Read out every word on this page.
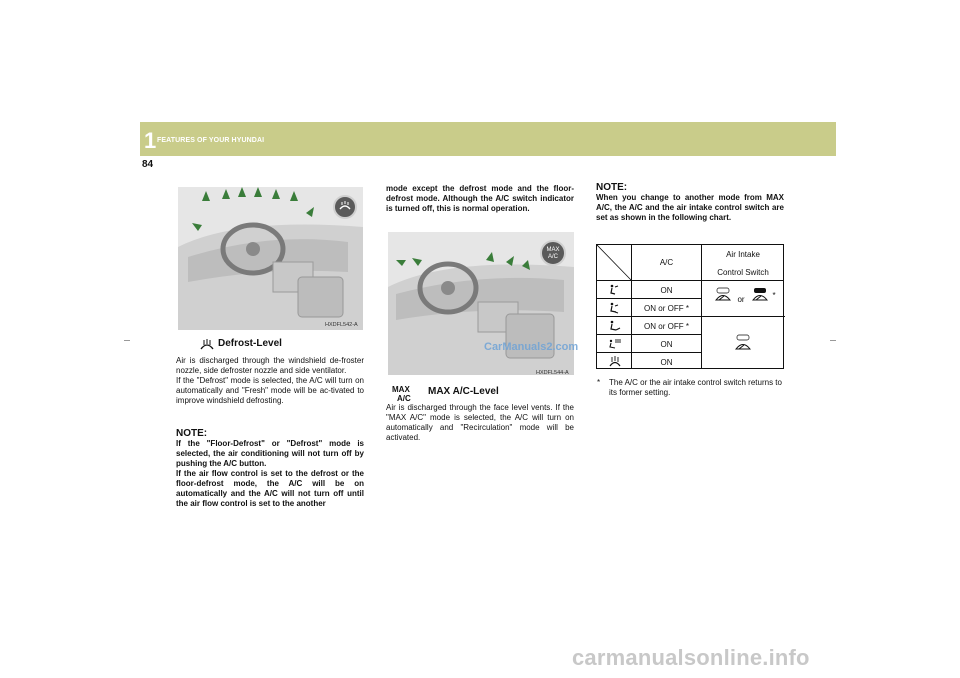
1 FEATURES OF YOUR HYUNDAI
84
HXDFL542-A
Defrost-Level

Air is discharged through the windshield de-froster nozzle, side defroster nozzle and side ventilator.

If the "Defrost" mode is selected, the A/C will turn on automatically and "Fresh" mode will be ac-tivated to improve windshield defrosting.

NOTE:
If the "Floor-Defrost" or "Defrost" mode is selected, the air conditioning will not turn off by pushing the A/C button.
If the air flow control is set to the defrost or the floor-defrost mode, the A/C will be on automatically and the A/C will not turn off until the air flow control is set to the another
mode except the defrost mode and the floor-defrost mode. Although the A/C switch indicator is turned off, this is normal operation.
MAX
A/C
HXDFL544-A
CarManuals2.com
MAX
A/C
MAX A/C-Level
Air is discharged through the face level vents. If the "MAX A/C" mode is selected, the A/C will turn on automatically and "Recirculation" mode will be activated.
NOTE:
When you change to another mode from MAX A/C, the A/C and the air intake control switch are set as shown in the following chart.
A/C
Air Intake
Control Switch
ON
ON or OFF *
ON or OFF *
ON
ON
or	*
* The A/C or the air intake control switch returns to its former setting.
carmanualsonline.info
